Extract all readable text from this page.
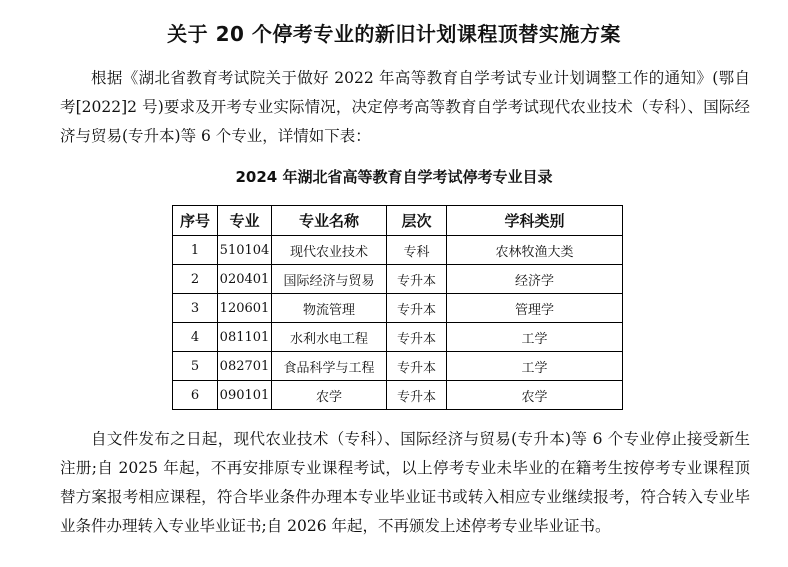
关于 20 个停考专业的新旧计划课程顶替实施方案
根据《湖北省教育考试院关于做好 2022 年高等教育自学考试专业计划调整工作的通知》(鄂自考[2022]2 号)要求及开考专业实际情况，决定停考高等教育自学考试现代农业技术（专科）、国际经济与贸易(专升本)等 6 个专业，详情如下表：
2024 年湖北省高等教育自学考试停考专业目录
序号	专业	专业名称	层次	学科类别
1	510104	现代农业技术	专科	农林牧渔大类
2	020401	国际经济与贸易	专升本	经济学
3	120601	物流管理	专升本	管理学
4	081101	水利水电工程	专升本	工学
5	082701	食品科学与工程	专升本	工学
6	090101	农学	专升本	农学
自文件发布之日起，现代农业技术（专科）、国际经济与贸易(专升本)等 6 个专业停止接受新生注册;自 2025 年起，不再安排原专业课程考试，以上停考专业未毕业的在籍考生按停考专业课程顶替方案报考相应课程，符合毕业条件办理本专业毕业证书或转入相应专业继续报考，符合转入专业毕业条件办理转入专业毕业证书;自 2026 年起，不再颁发上述停考专业毕业证书。
